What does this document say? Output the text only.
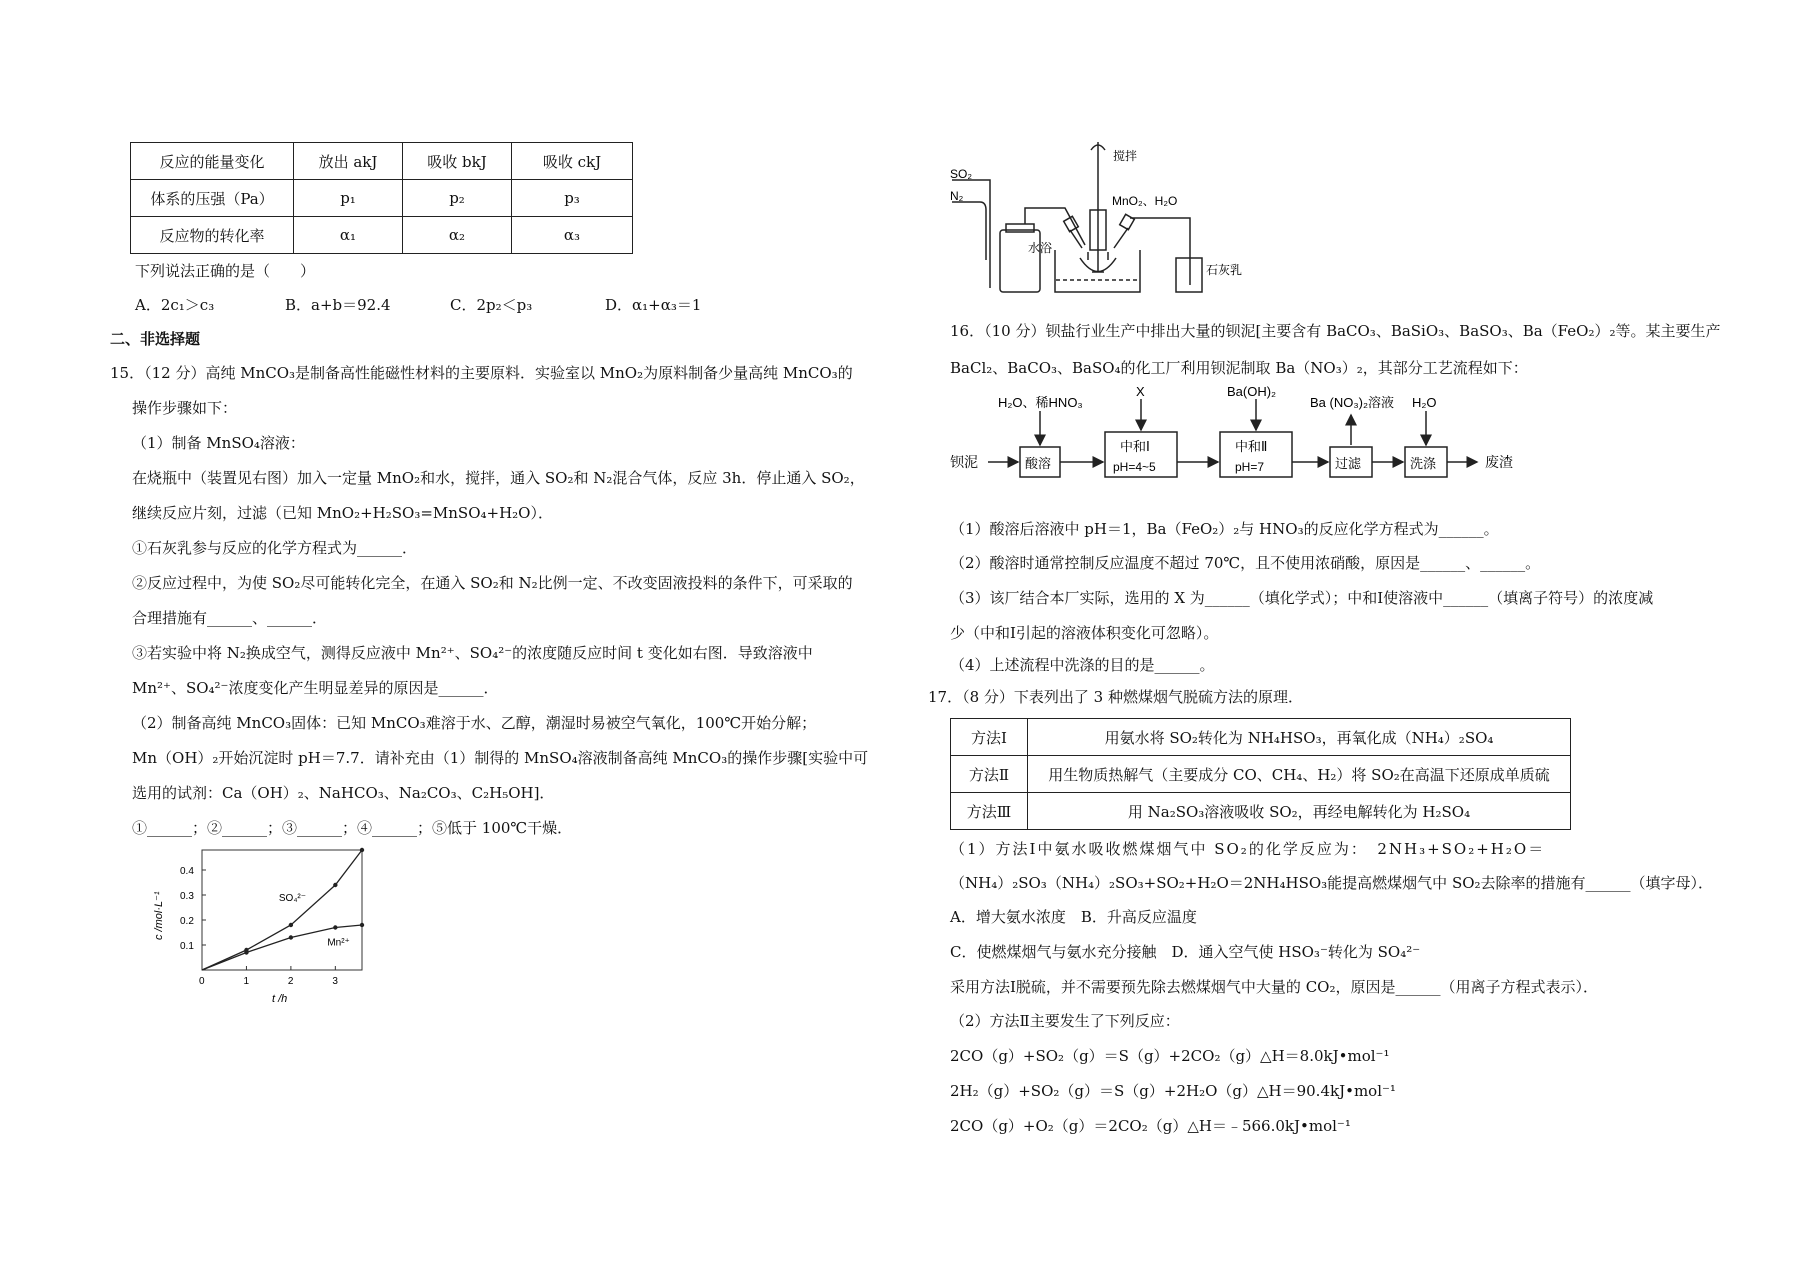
反应的能量变化	放出 akJ	吸收 bkJ	吸收 ckJ
体系的压强（Pa）	p₁	p₂	p₃
反应物的转化率	α₁	α₂	α₃
下列说法正确的是（　　）
A．2c₁＞c₃	B．a+b＝92.4	C．2p₂＜p₃	D．α₁+α₃＝1
二、非选择题
15．（12 分）高纯 MnCO₃是制备高性能磁性材料的主要原料．实验室以 MnO₂为原料制备少量高纯 MnCO₃的
操作步骤如下：
（1）制备 MnSO₄溶液：
在烧瓶中（装置见右图）加入一定量 MnO₂和水，搅拌，通入 SO₂和 N₂混合气体，反应 3h．停止通入 SO₂，
继续反应片刻，过滤（已知 MnO₂+H₂SO₃=MnSO₄+H₂O）．
①石灰乳参与反应的化学方程式为______．
②反应过程中，为使 SO₂尽可能转化完全，在通入 SO₂和 N₂比例一定、不改变固液投料的条件下，可采取的
合理措施有______、______．
③若实验中将 N₂换成空气，测得反应液中 Mn²⁺、SO₄²⁻的浓度随反应时间 t 变化如右图．导致溶液中
Mn²⁺、SO₄²⁻浓度变化产生明显差异的原因是______．
（2）制备高纯 MnCO₃固体：已知 MnCO₃难溶于水、乙醇，潮湿时易被空气氧化，100℃开始分解；
Mn（OH）₂开始沉淀时 pH＝7.7．请补充由（1）制得的 MnSO₄溶液制备高纯 MnCO₃的操作步骤[实验中可
选用的试剂：Ca（OH）₂、NaHCO₃、Na₂CO₃、C₂H₅OH]．
①______；②______；③______；④______；⑤低于 100℃干燥．
0	1	2	3
0.1
0.2
0.3
0.4
t /h
c /mol·L⁻¹	SO₄²⁻
Mn²⁺
SO₂
N₂
搅拌
MnO₂、H₂O
水浴
石灰乳
16．（10 分）钡盐行业生产中排出大量的钡泥[主要含有 BaCO₃、BaSiO₃、BaSO₃、Ba（FeO₂）₂等。某主要生产
BaCl₂、BaCO₃、BaSO₄的化工厂利用钡泥制取 Ba（NO₃）₂，其部分工艺流程如下：
钡泥	酸溶
中和Ⅰ
pH=4~5
中和Ⅱ
pH=7	过滤	洗涤	废渣
H₂O、稀HNO₃
X	Ba(OH)₂
Ba (NO₃)₂溶液 H₂O
（1）酸溶后溶液中 pH＝1，Ba（FeO₂）₂与 HNO₃的反应化学方程式为______。
（2）酸溶时通常控制反应温度不超过 70℃，且不使用浓硝酸，原因是______、______。
（3）该厂结合本厂实际，选用的 X 为______（填化学式）；中和Ⅰ使溶液中______（填离子符号）的浓度减
少（中和Ⅰ引起的溶液体积变化可忽略）。
（4）上述流程中洗涤的目的是______。
17．（8 分）下表列出了 3 种燃煤烟气脱硫方法的原理．
方法Ⅰ	用氨水将 SO₂转化为 NH₄HSO₃，再氧化成（NH₄）₂SO₄
方法Ⅱ	用生物质热解气（主要成分 CO、CH₄、H₂）将 SO₂在高温下还原成单质硫
方法Ⅲ	用 Na₂SO₃溶液吸收 SO₂，再经电解转化为 H₂SO₄
（1）方法Ⅰ中氨水吸收燃煤烟气中 SO₂的化学反应为：　2NH₃+SO₂+H₂O＝
（NH₄）₂SO₃（NH₄）₂SO₃+SO₂+H₂O＝2NH₄HSO₃能提高燃煤烟气中 SO₂去除率的措施有______（填字母）．
A．增大氨水浓度　B．升高反应温度
C．使燃煤烟气与氨水充分接触　D．通入空气使 HSO₃⁻转化为 SO₄²⁻
采用方法Ⅰ脱硫，并不需要预先除去燃煤烟气中大量的 CO₂，原因是______（用离子方程式表示）．
（2）方法Ⅱ主要发生了下列反应：
2CO（g）+SO₂（g）＝S（g）+2CO₂（g）△H＝8.0kJ•mol⁻¹
2H₂（g）+SO₂（g）＝S（g）+2H₂O（g）△H＝90.4kJ•mol⁻¹
2CO（g）+O₂（g）＝2CO₂（g）△H＝﹣566.0kJ•mol⁻¹
